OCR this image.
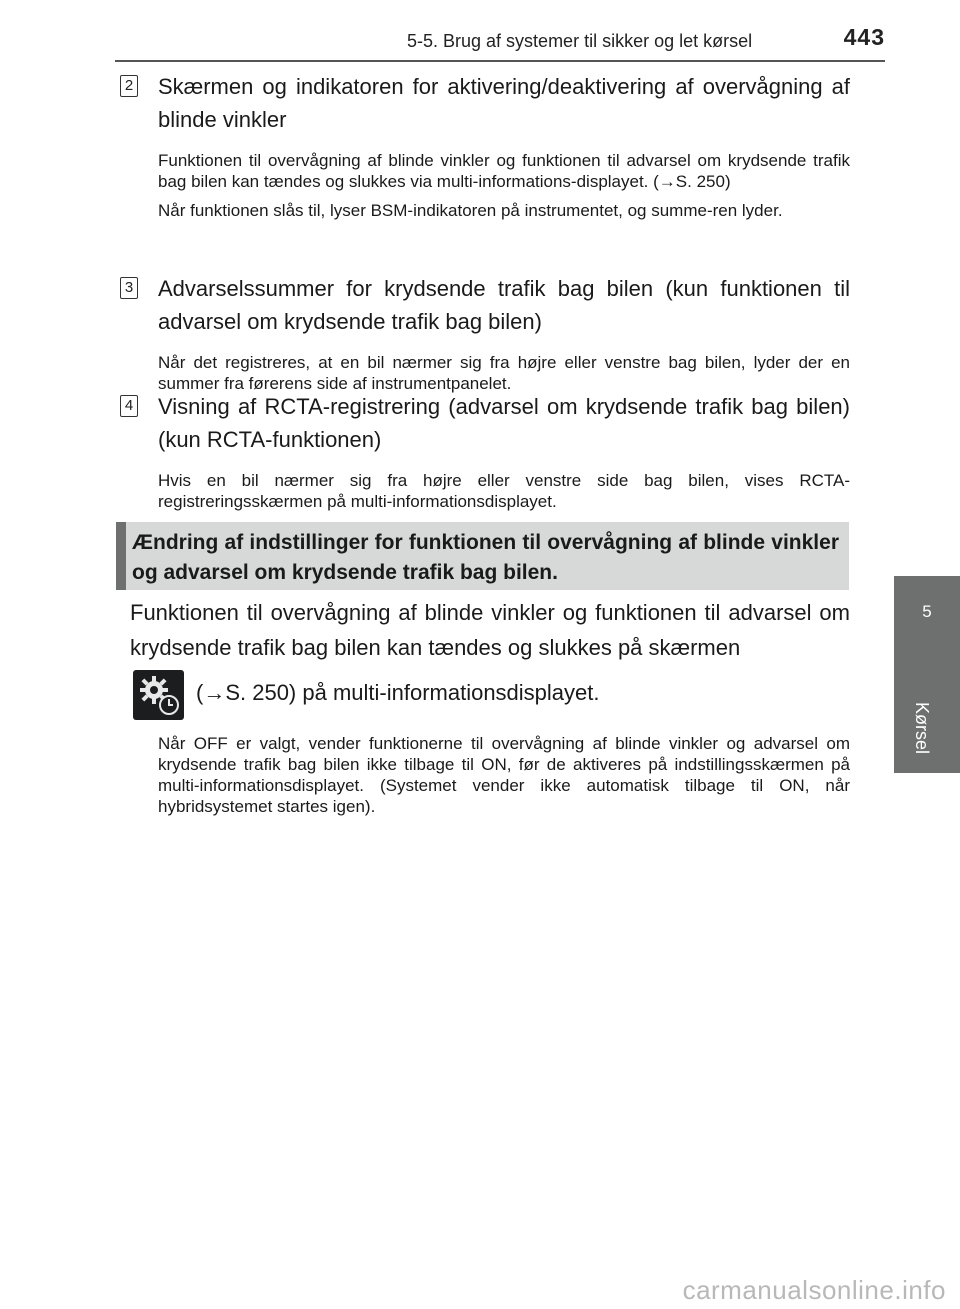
5-5. Brug af systemer til sikker og let kørsel	443
5
Kørsel
2 Skærmen og indikatoren for aktivering/deaktivering af overvågning af blinde vinkler

Funktionen til overvågning af blinde vinkler og funktionen til advarsel om krydsende trafik bag bilen kan tændes og slukkes via multi-informations-displayet. (→S. 250)

Når funktionen slås til, lyser BSM-indikatoren på instrumentet, og summe-ren lyder.

3 Advarselssummer for krydsende trafik bag bilen (kun funktionen til advarsel om krydsende trafik bag bilen)

Når det registreres, at en bil nærmer sig fra højre eller venstre bag bilen, lyder der en summer fra førerens side af instrumentpanelet.

4 Visning af RCTA-registrering (advarsel om krydsende trafik bag bilen) (kun RCTA-funktionen)

Hvis en bil nærmer sig fra højre eller venstre side bag bilen, vises RCTA-registreringsskærmen på multi-informationsdisplayet.

Ændring af indstillinger for funktionen til overvågning af blinde vinkler og advarsel om krydsende trafik bag bilen.
Funktionen til overvågning af blinde vinkler og funktionen til advarsel om krydsende trafik bag bilen kan tændes og slukkes på skærmen
(→S. 250) på multi-informationsdisplayet.
Når OFF er valgt, vender funktionerne til overvågning af blinde vinkler og advarsel om krydsende trafik bag bilen ikke tilbage til ON, før de aktiveres på indstillingsskærmen på multi-informationsdisplayet. (Systemet vender ikke automatisk tilbage til ON, når hybridsystemet startes igen).
carmanualsonline.info
